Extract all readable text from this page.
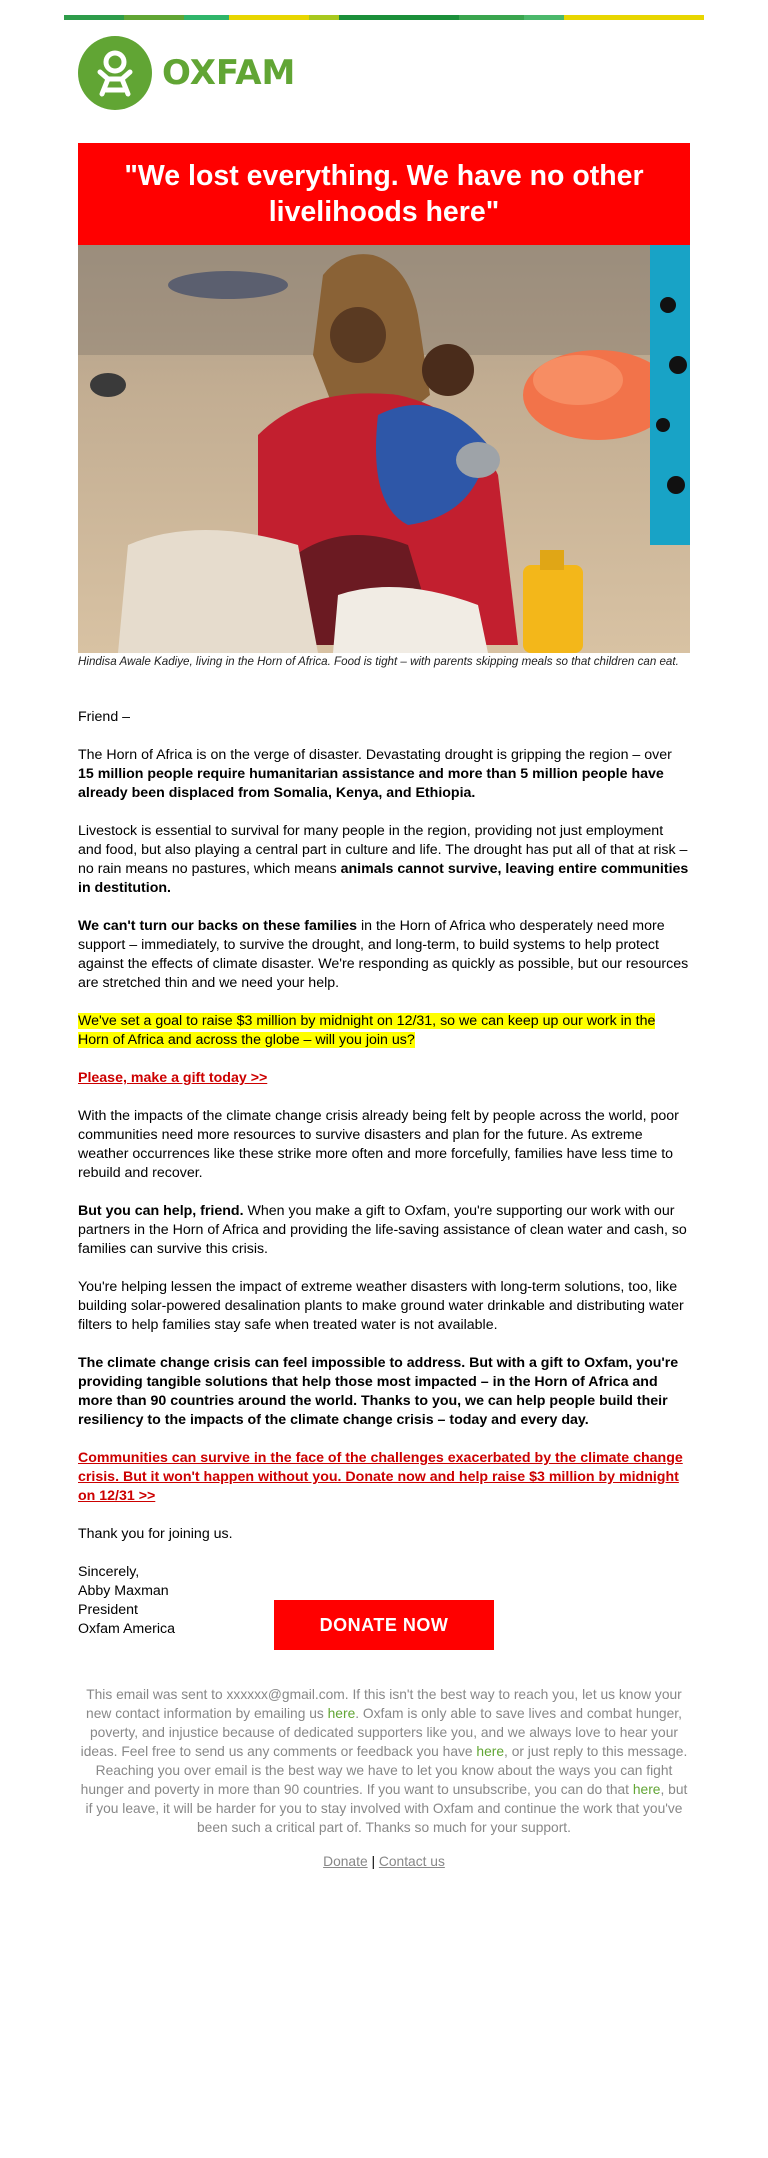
OXFAM
"We lost everything. We have no other livelihoods here"
Hindisa Awale Kadiye, living in the Horn of Africa. Food is tight – with parents skipping meals so that children can eat.

Friend –

The Horn of Africa is on the verge of disaster. Devastating drought is gripping the region – over 15 million people require humanitarian assistance and more than 5 million people have already been displaced from Somalia, Kenya, and Ethiopia.

Livestock is essential to survival for many people in the region, providing not just employment and food, but also playing a central part in culture and life. The drought has put all of that at risk – no rain means no pastures, which means animals cannot survive, leaving entire communities in destitution.

We can't turn our backs on these families in the Horn of Africa who desperately need more support – immediately, to survive the drought, and long-term, to build systems to help protect against the effects of climate disaster. We're responding as quickly as possible, but our resources are stretched thin and we need your help.

We've set a goal to raise $3 million by midnight on 12/31, so we can keep up our work in the Horn of Africa and across the globe – will you join us?

Please, make a gift today >>

With the impacts of the climate change crisis already being felt by people across the world, poor communities need more resources to survive disasters and plan for the future. As extreme weather occurrences like these strike more often and more forcefully, families have less time to rebuild and recover.

But you can help, friend. When you make a gift to Oxfam, you're supporting our work with our partners in the Horn of Africa and providing the life-saving assistance of clean water and cash, so families can survive this crisis.

You're helping lessen the impact of extreme weather disasters with long-term solutions, too, like building solar-powered desalination plants to make ground water drinkable and distributing water filters to help families stay safe when treated water is not available.

The climate change crisis can feel impossible to address. But with a gift to Oxfam, you're providing tangible solutions that help those most impacted – in the Horn of Africa and more than 90 countries around the world. Thanks to you, we can help people build their resiliency to the impacts of the climate change crisis – today and every day.

Communities can survive in the face of the challenges exacerbated by the climate change crisis. But it won't happen without you. Donate now and help raise $3 million by midnight on 12/31 >>

Thank you for joining us.

Sincerely,

Abby Maxman

President

Oxfam America	DONATE NOW
This email was sent to xxxxxx@gmail.com. If this isn't the best way to reach you, let us know your new contact information by emailing us here. Oxfam is only able to save lives and combat hunger, poverty, and injustice because of dedicated supporters like you, and we always love to hear your ideas. Feel free to send us any comments or feedback you have here, or just reply to this message. Reaching you over email is the best way we have to let you know about the ways you can fight hunger and poverty in more than 90 countries. If you want to unsubscribe, you can do that here, but if you leave, it will be harder for you to stay involved with Oxfam and continue the work that you've been such a critical part of. Thanks so much for your support.
Donate | Contact us
